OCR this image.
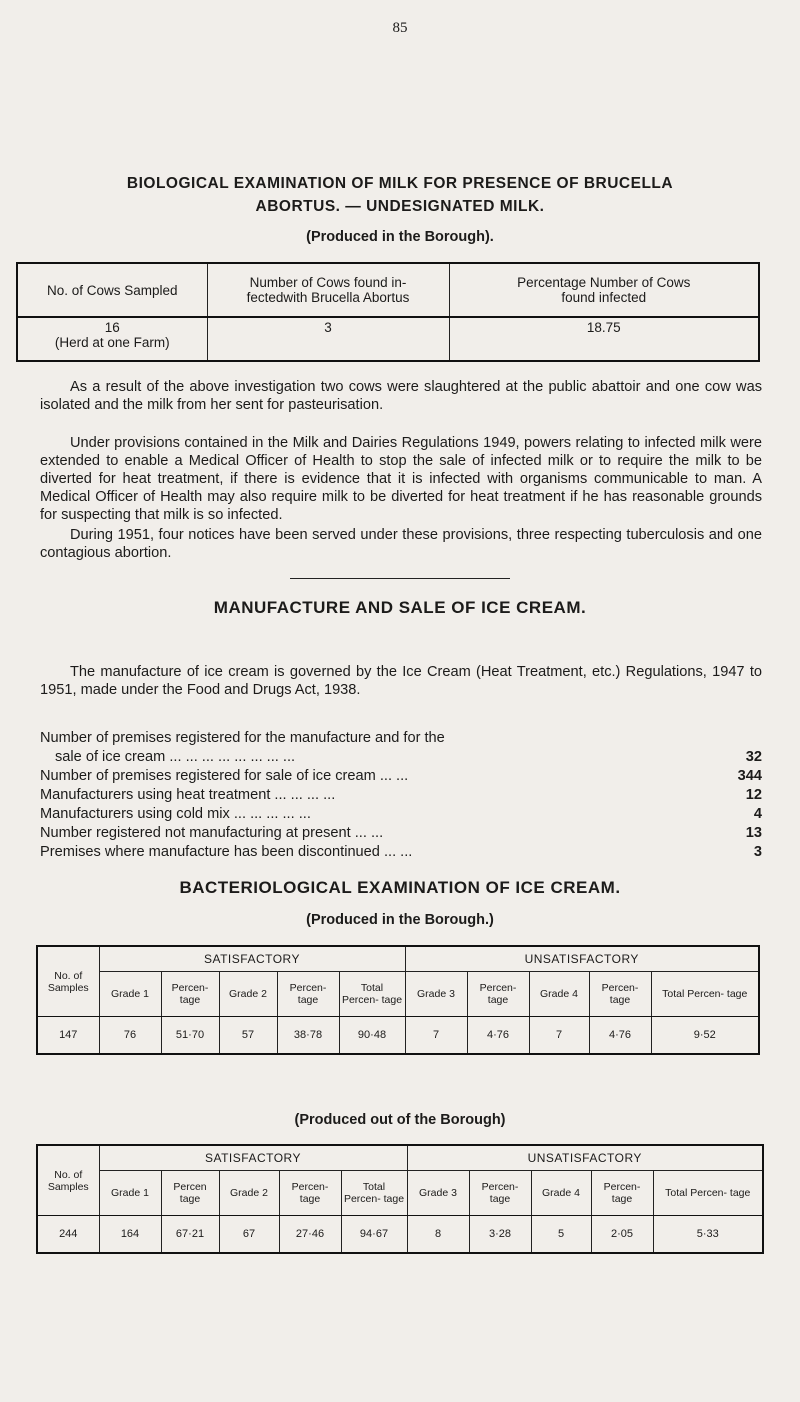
85
BIOLOGICAL EXAMINATION OF MILK FOR PRESENCE OF BRUCELLA
ABORTUS. — UNDESIGNATED MILK.
(Produced in the Borough).
No. of Cows Sampled	Number of Cows found in-fectedwith Brucella Abortus	Percentage Number of Cows found infected

16
(Herd at one Farm)	3	18.75

As a result of the above investigation two cows were slaughtered at the public abattoir and one cow was isolated and the milk from her sent for pasteurisation.

Under provisions contained in the Milk and Dairies Regulations 1949, powers relating to infected milk were extended to enable a Medical Officer of Health to stop the sale of infected milk or to require the milk to be diverted for heat treatment, if there is evidence that it is infected with organisms communicable to man. A Medical Officer of Health may also require milk to be diverted for heat treatment if he has reasonable grounds for suspecting that milk is so infected.

During 1951, four notices have been served under these provisions, three respecting tuberculosis and one contagious abortion.

MANUFACTURE AND SALE OF ICE CREAM.

The manufacture of ice cream is governed by the Ice Cream (Heat Treatment, etc.) Regulations, 1947 to 1951, made under the Food and Drugs Act, 1938.

Number of premises registered for the manufacture and for the
sale of ice cream ... ... ... ... ... ... ... ...	32
Number of premises registered for sale of ice cream ... ...	344
Manufacturers using heat treatment ... ... ... ...	12
Manufacturers using cold mix ... ... ... ... ...	4
Number registered not manufacturing at present ... ...	13
Premises where manufacture has been discontinued ... ...	3
BACTERIOLOGICAL EXAMINATION OF ICE CREAM.
(Produced in the Borough.)
No. of Samples	SATISFACTORY					UNSATISFACTORY				
	Grade 1	Percen- tage	Grade 2	Percen- tage	Total Percen- tage	Grade 3	Percen- tage	Grade 4	Percen- tage	Total Percen- tage
147	76	51·70	57	38·78	90·48	7	4·76	7	4·76	9·52
(Produced out of the Borough)
No. of Samples	SATISFACTORY					UNSATISFACTORY				
	Grade 1	Percen tage	Grade 2	Percen- tage	Total Percen- tage	Grade 3	Percen- tage	Grade 4	Percen- tage	Total Percen- tage
244	164	67·21	67	27·46	94·67	8	3·28	5	2·05	5·33
